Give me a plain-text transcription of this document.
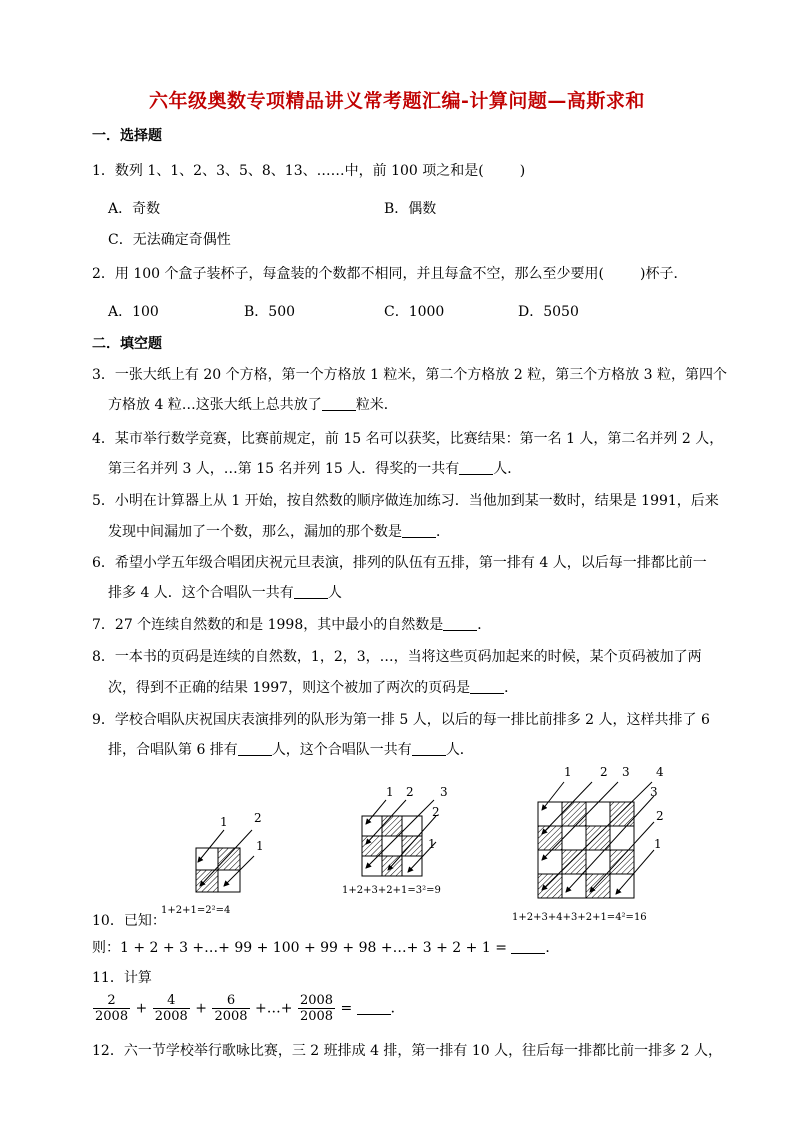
六年级奥数专项精品讲义常考题汇编-计算问题—高斯求和
一．选择题
1．数列 1、1、2、3、5、8、13、……中，前 100 项之和是(	)
A．奇数	B．偶数
C．无法确定奇偶性
2．用 100 个盒子装杯子，每盒装的个数都不相同，并且每盒不空，那么至少要用(	)杯子．
A．100	B．500	C．1000	D．5050
二．填空题
3．一张大纸上有 20 个方格，第一个方格放 1 粒米，第二个方格放 2 粒，第三个方格放 3 粒，第四个
方格放 4 粒…这张大纸上总共放了 粒米．
4．某市举行数学竞赛，比赛前规定，前 15 名可以获奖，比赛结果：第一名 1 人，第二名并列 2 人，
第三名并列 3 人，…第 15 名并列 15 人．得奖的一共有 人．
5．小明在计算器上从 1 开始，按自然数的顺序做连加练习．当他加到某一数时，结果是 1991，后来
发现中间漏加了一个数，那么，漏加的那个数是 ．
6．希望小学五年级合唱团庆祝元旦表演，排列的队伍有五排，第一排有 4 人，以后每一排都比前一
排多 4 人．这个合唱队一共有 人
7．27 个连续自然数的和是 1998，其中最小的自然数是 ．
8．一本书的页码是连续的自然数，1，2，3，…，当将这些页码加起来的时候，某个页码被加了两
次，得到不正确的结果 1997，则这个被加了两次的页码是 ．
9．学校合唱队庆祝国庆表演排列的队形为第一排 5 人，以后的每一排比前排多 2 人，这样共排了 6
排，合唱队第 6 排有 人，这个合唱队一共有 人．
1 2
1
1+2+1=2²=4
1 2 3
2
1
1+2+3+2+1=3²=9
1 2 3 4
3
2
1
1+2+3+4+3+2+1=4²=16
10．已知：
则：1 + 2 + 3 +…+ 99 + 100 + 99 + 98 +…+ 3 + 2 + 1 =	．
11．计算
$\frac{2}{2008} + \frac{4}{2008} + \frac{6}{2008}$ +…+ $\frac{2008}{2008}$ =	．
12．六一节学校举行歌咏比赛，三 2 班排成 4 排，第一排有 10 人，往后每一排都比前一排多 2 人，
